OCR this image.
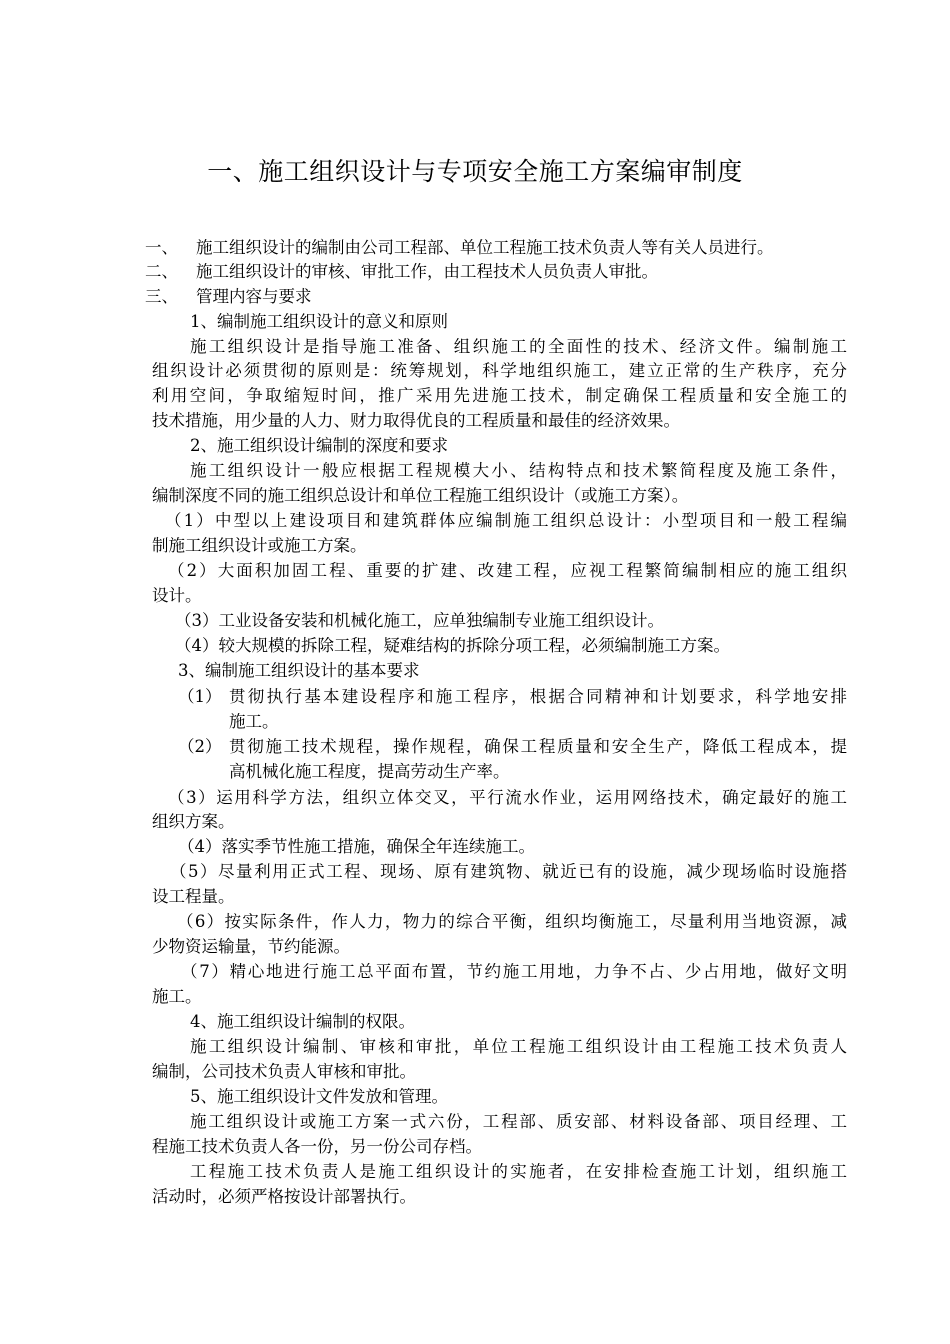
一、施工组织设计与专项安全施工方案编审制度
一、 施工组织设计的编制由公司工程部、单位工程施工技术负责人等有关人员进行。
二、 施工组织设计的审核、审批工作，由工程技术人员负责人审批。
三、 管理内容与要求
1、编制施工组织设计的意义和原则
施工组织设计是指导施工准备、组织施工的全面性的技术、经济文件。编制施工
组织设计必须贯彻的原则是：统筹规划，科学地组织施工，建立正常的生产秩序，充分
利用空间，争取缩短时间，推广采用先进施工技术，制定确保工程质量和安全施工的
技术措施，用少量的人力、财力取得优良的工程质量和最佳的经济效果。
2、施工组织设计编制的深度和要求
施工组织设计一般应根据工程规模大小、结构特点和技术繁简程度及施工条件，
编制深度不同的施工组织总设计和单位工程施工组织设计（或施工方案）。
（1）中型以上建设项目和建筑群体应编制施工组织总设计：小型项目和一般工程编
制施工组织设计或施工方案。
（2）大面积加固工程、重要的扩建、改建工程，应视工程繁简编制相应的施工组织
设计。
（3）工业设备安装和机械化施工，应单独编制专业施工组织设计。
（4）较大规模的拆除工程，疑难结构的拆除分项工程，必须编制施工方案。
3、编制施工组织设计的基本要求
（1） 贯彻执行基本建设程序和施工程序，根据合同精神和计划要求，科学地安排
施工。
（2） 贯彻施工技术规程，操作规程，确保工程质量和安全生产，降低工程成本，提
高机械化施工程度，提高劳动生产率。
（3）运用科学方法，组织立体交叉，平行流水作业，运用网络技术，确定最好的施工
组织方案。
（4）落实季节性施工措施，确保全年连续施工。
（5）尽量利用正式工程、现场、原有建筑物、就近已有的设施，减少现场临时设施搭
设工程量。
（6）按实际条件，作人力，物力的综合平衡，组织均衡施工，尽量利用当地资源，减
少物资运输量，节约能源。
（7）精心地进行施工总平面布置，节约施工用地，力争不占、少占用地，做好文明
施工。
4、施工组织设计编制的权限。
施工组织设计编制、审核和审批，单位工程施工组织设计由工程施工技术负责人
编制，公司技术负责人审核和审批。
5、施工组织设计文件发放和管理。
施工组织设计或施工方案一式六份，工程部、质安部、材料设备部、项目经理、工
程施工技术负责人各一份，另一份公司存档。
工程施工技术负责人是施工组织设计的实施者，在安排检查施工计划，组织施工
活动时，必须严格按设计部署执行。
